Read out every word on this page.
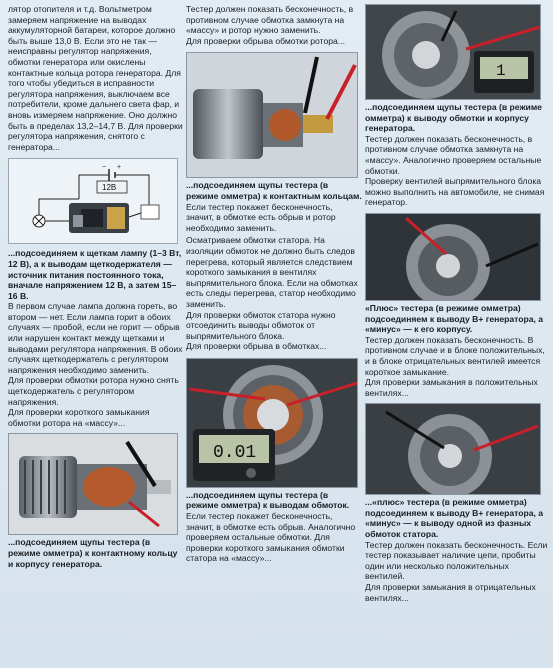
лятор отопителя и т.д. Вольтметром замеряем напряжение на выводах аккумуляторной батареи, которое должно быть выше 13,0 В. Если это не так — неисправны регулятор напряжения, обмотки генератора или окислены контактные кольца ротора генератора. Для того чтобы убедиться в исправности регулятора напряжения, выключаем все потребители, кроме дальнего света фар, и вновь измеряем напряжение. Оно должно быть в пределах 13,2–14,7 В. Для проверки регулятора напряжения, снятого с генератора...

− +
12В

...подсоединяем к щеткам лампу (1–3 Вт, 12 В), а к выводам щеткодержателя — источник питания постоянного тока, вначале напряжением 12 В, а затем 15–16 В.

В первом случае лампа должна гореть, во втором — нет. Если лампа горит в обоих случаях — пробой, если не горит — обрыв или нарушен контакт между щетками и выводами регулятора напряжения. В обоих случаях щеткодержатель с регулятором напряжения необходимо заменить.

Для проверки обмотки ротора нужно снять щеткодержатель с регулятором напряжения.

Для проверки короткого замыкания обмотки ротора на «массу»...

...подсоединяем щупы тестера (в режиме омметра) к контактному кольцу и корпусу генератора.

Тестер должен показать бесконечность, в противном случае обмотка замкнута на «массу» и ротор нужно заменить.

Для проверки обрыва обмотки ротора...

...подсоединяем щупы тестера (в режиме омметра) к контактным кольцам.

Если тестер покажет бесконечность, значит, в обмотке есть обрыв и ротор необходимо заменить.

Осматриваем обмотки статора. На изоляции обмоток не должно быть следов перегрева, который является следствием короткого замыкания в вентилях выпрямительного блока. Если на обмотках есть следы перегрева, статор необходимо заменить.

Для проверки обмоток статора нужно отсоединить выводы обмоток от выпрямительного блока.

Для проверки обрыва в обмотках...

0.01

...подсоединяем щупы тестера (в режиме омметра) к выводам обмоток.

Если тестер покажет бесконечность, значит, в обмотке есть обрыв. Аналогично проверяем остальные обмотки. Для проверки короткого замыкания обмотки статора на «массу»...

1

...подсоединяем щупы тестера (в режиме омметра) к выводу обмотки и корпусу генератора.

Тестер должен показать бесконечность, в противном случае обмотка замкнута на «массу». Аналогично проверяем остальные обмотки.

Проверку вентилей выпрямительного блока можно выполнить на автомобиле, не снимая генератор.

«Плюс» тестера (в режиме омметра) подсоединяем к выводу В+ генератора, а «минус» — к его корпусу.

Тестер должен показать бесконечность. В противном случае и в блоке положительных, и в блоке отрицательных вентилей имеется короткое замыкание.

Для проверки замыкания в положительных вентилях...

...«плюс» тестера (в режиме омметра) подсоединяем к выводу В+ генератора, а «минус» — к выводу одной из фазных обмоток статора.

Тестер должен показать бесконечность. Если тестер показывает наличие цепи, пробиты один или несколько положительных вентилей.

Для проверки замыкания в отрицательных вентилях...
